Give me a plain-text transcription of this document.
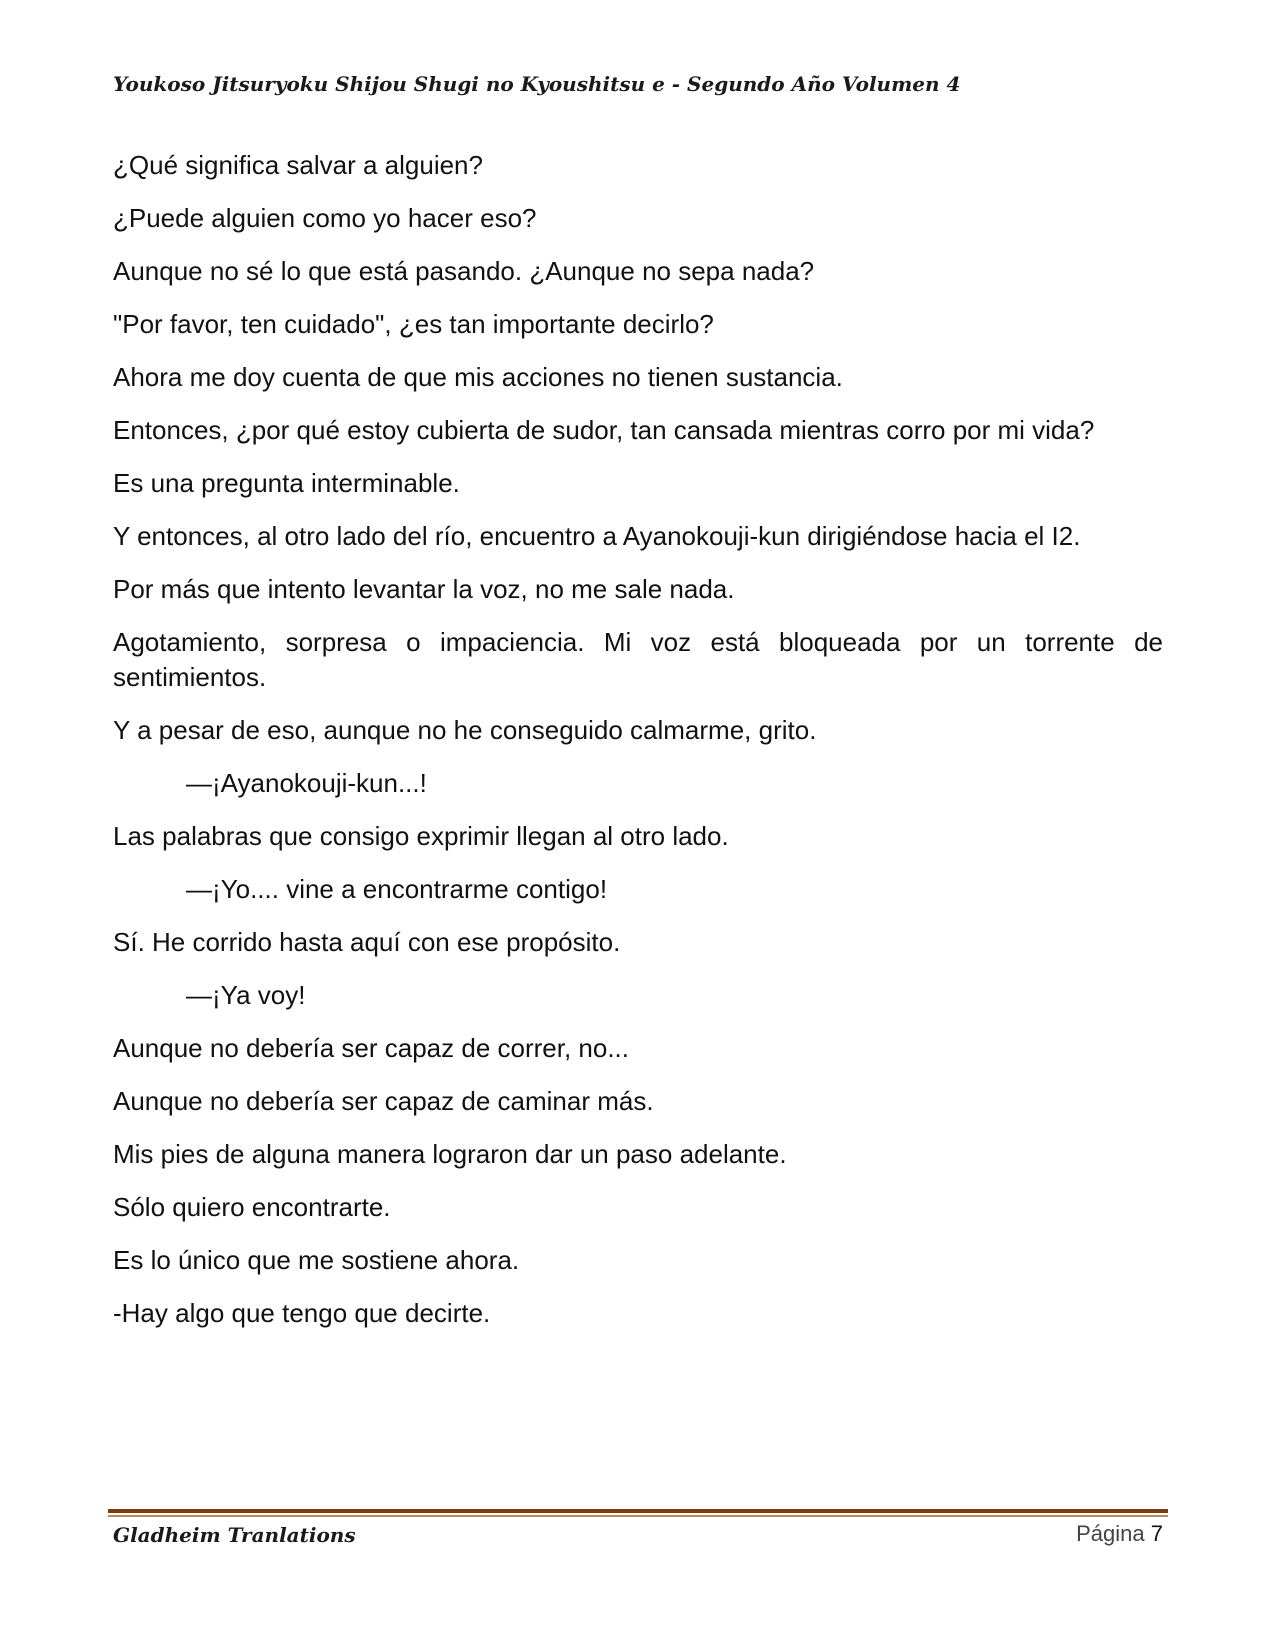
Youkoso Jitsuryoku Shijou Shugi no Kyoushitsu e - Segundo Año Volumen 4

¿Qué significa salvar a alguien?

¿Puede alguien como yo hacer eso?

Aunque no sé lo que está pasando. ¿Aunque no sepa nada?

"Por favor, ten cuidado", ¿es tan importante decirlo?

Ahora me doy cuenta de que mis acciones no tienen sustancia.

Entonces, ¿por qué estoy cubierta de sudor, tan cansada mientras corro por mi vida?

Es una pregunta interminable.

Y entonces, al otro lado del río, encuentro a Ayanokouji-kun dirigiéndose hacia el I2.

Por más que intento levantar la voz, no me sale nada.

Agotamiento, sorpresa o impaciencia. Mi voz está bloqueada por un torrente de sentimientos.

Y a pesar de eso, aunque no he conseguido calmarme, grito.

—¡Ayanokouji-kun...!

Las palabras que consigo exprimir llegan al otro lado.

—¡Yo.... vine a encontrarme contigo!

Sí. He corrido hasta aquí con ese propósito.

—¡Ya voy!

Aunque no debería ser capaz de correr, no...

Aunque no debería ser capaz de caminar más.

Mis pies de alguna manera lograron dar un paso adelante.

Sólo quiero encontrarte.

Es lo único que me sostiene ahora.

-Hay algo que tengo que decirte.

Gladheim Tranlations	Página 7
